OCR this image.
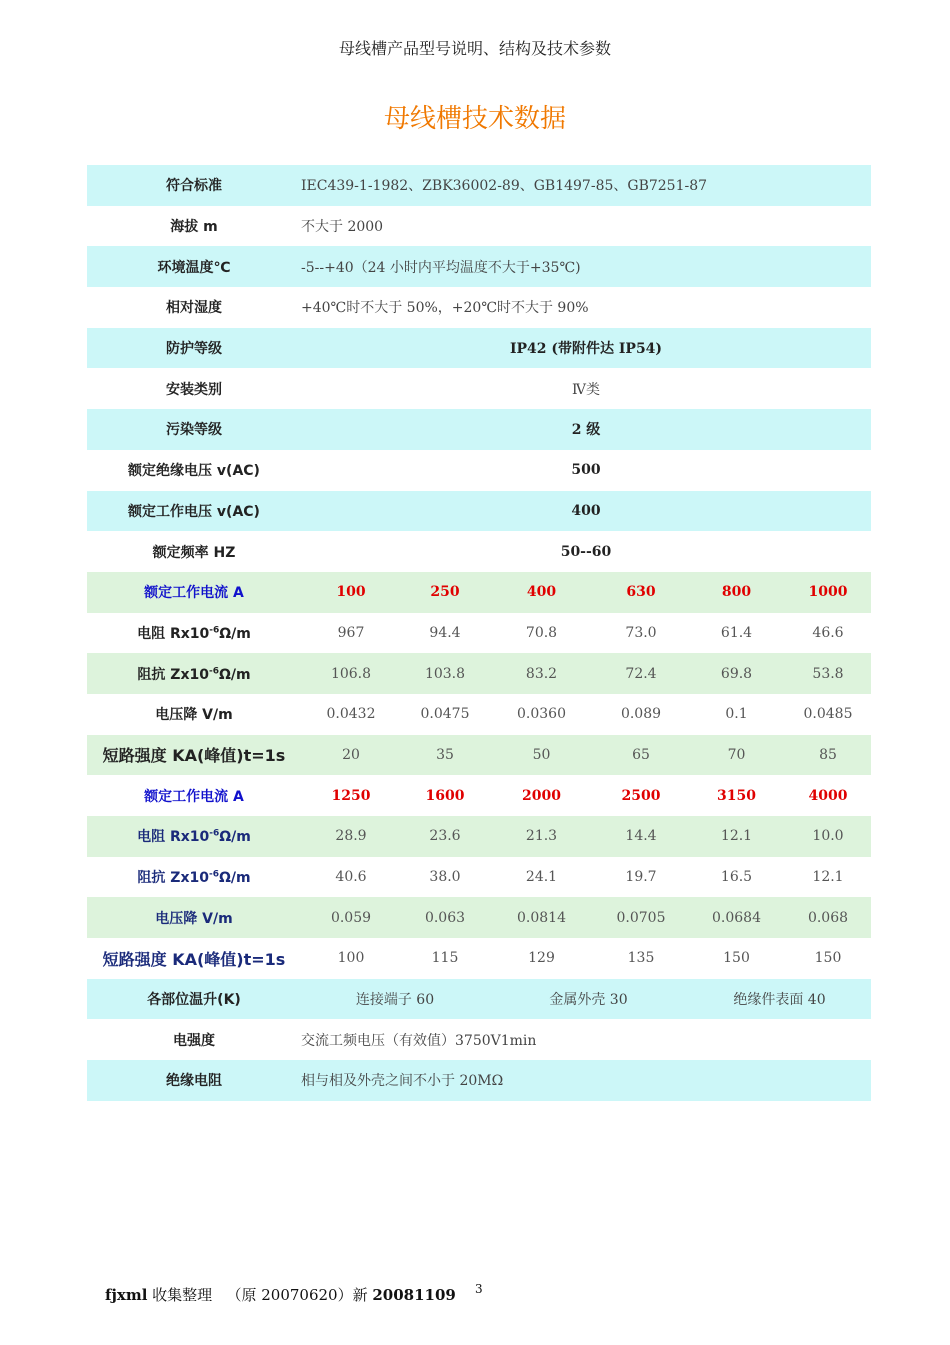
母线槽产品型号说明、结构及技术参数
母线槽技术数据
符合标准	IEC439-1-1982、ZBK36002-89、GB1497-85、GB7251-87					
海拔 m	不大于 2000					
环境温度℃	-5--+40（24 小时内平均温度不大于+35℃)					
相对湿度	+40℃时不大于 50%，+20℃时不大于 90%					
防护等级	IP42 (带附件达 IP54)					
安装类别	Ⅳ类					
污染等级	2 级					
额定绝缘电压 v(AC)	500					
额定工作电压 v(AC)	400					
额定频率 HZ	50--60					
额定工作电流 A	100	250	400	630	800	1000
电阻 $Rx10^{-6}\Omega/m$	967	94.4	70.8	73.0	61.4	46.6
阻抗 $Zx10^{-6}\Omega/m$	106.8	103.8	83.2	72.4	69.8	53.8
电压降 V/m	0.0432	0.0475	0.0360	0.089	0.1	0.0485
短路强度 KA(峰值)t=1s	20	35	50	65	70	85
额定工作电流 A	1250	1600	2000	2500	3150	4000
电阻 $Rx10^{-6}\Omega/m$	28.9	23.6	21.3	14.4	12.1	10.0
阻抗 $Zx10^{-6}\Omega/m$	40.6	38.0	24.1	19.7	16.5	12.1
电压降 V/m	0.059	0.063	0.0814	0.0705	0.0684	0.068
短路强度 KA(峰值)t=1s	100	115	129	135	150	150
各部位温升(K)	连接端子 60		金属外壳 30		绝缘件表面 40	
电强度	交流工频电压（有效值）3750V1min					
绝缘电阻	相与相及外壳之间不小于 20MΩ					
fjxml 收集整理   （原 20070620）新 20081109 3
